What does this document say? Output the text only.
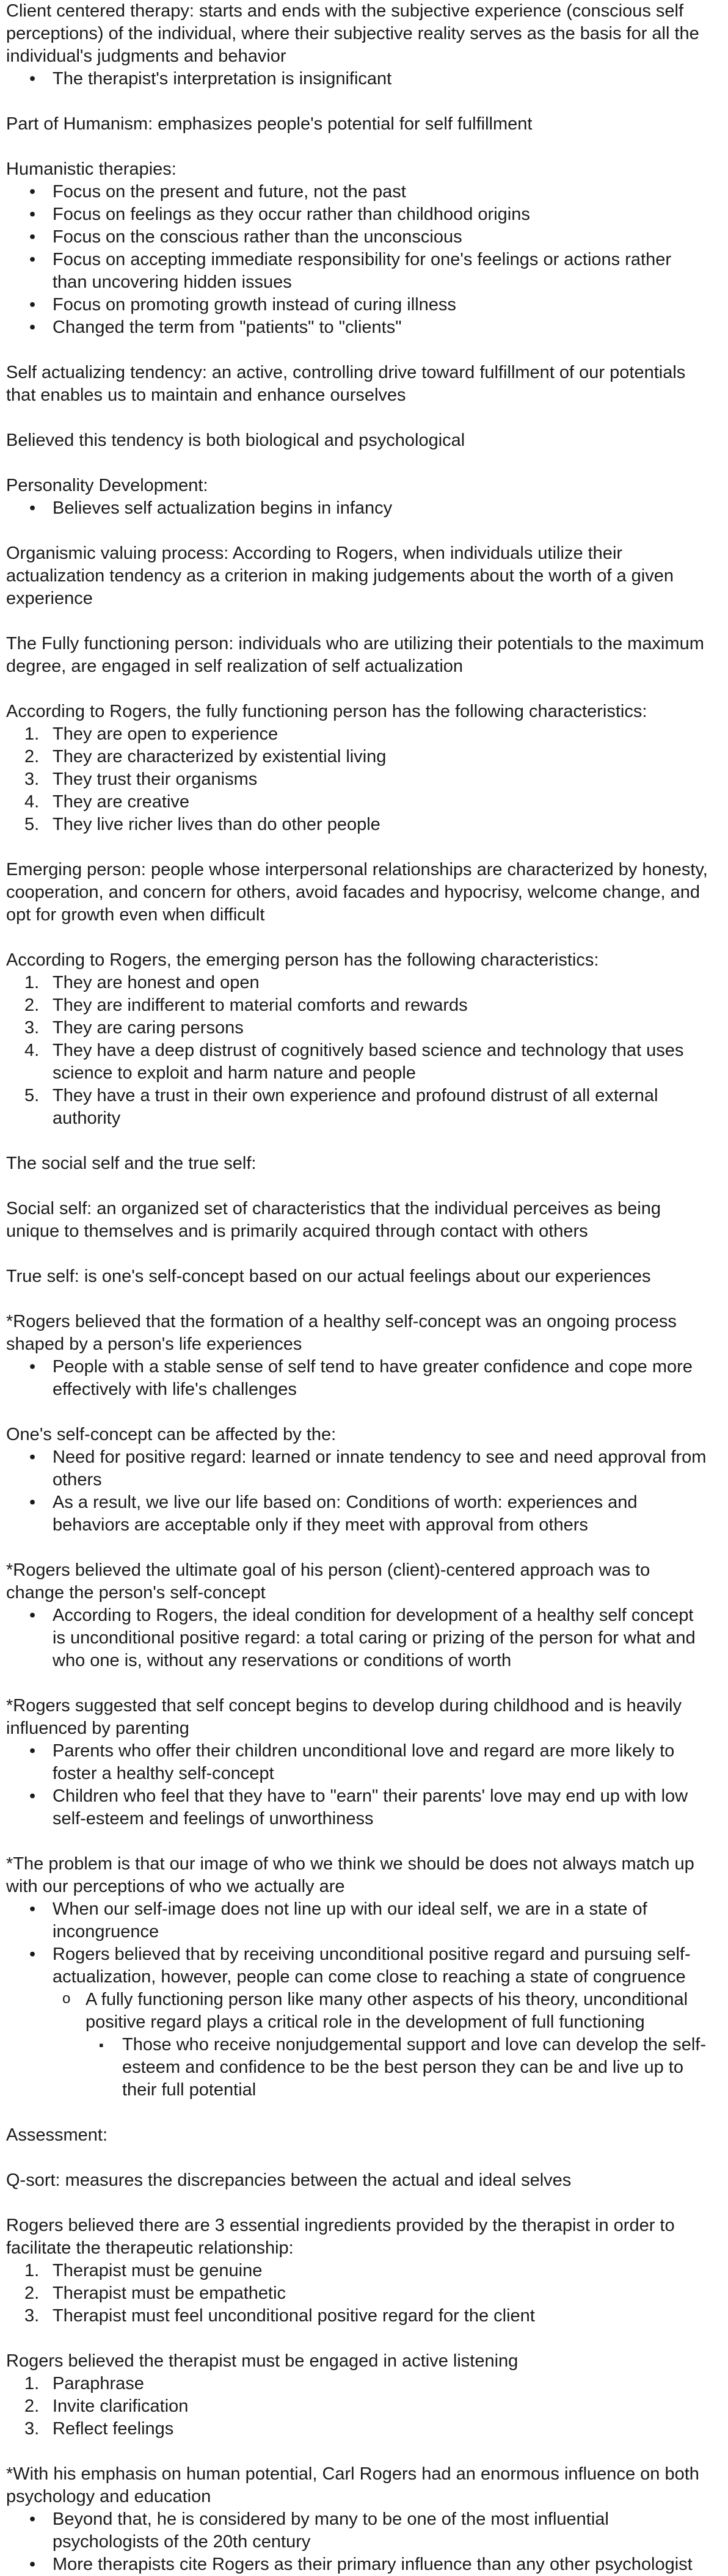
Client centered therapy: starts and ends with the subjective experience (conscious self perceptions) of the individual, where their subjective reality serves as the basis for all the individual's judgments and behavior
• The therapist's interpretation is insignificant
Part of Humanism: emphasizes people's potential for self fulfillment
Humanistic therapies:
• Focus on the present and future, not the past
• Focus on feelings as they occur rather than childhood origins
• Focus on the conscious rather than the unconscious
• Focus on accepting immediate responsibility for one's feelings or actions rather than uncovering hidden issues
• Focus on promoting growth instead of curing illness
• Changed the term from "patients" to "clients"
Self actualizing tendency: an active, controlling drive toward fulfillment of our potentials that enables us to maintain and enhance ourselves
Believed this tendency is both biological and psychological
Personality Development:
• Believes self actualization begins in infancy
Organismic valuing process: According to Rogers, when individuals utilize their actualization tendency as a criterion in making judgements about the worth of a given experience
The Fully functioning person: individuals who are utilizing their potentials to the maximum degree, are engaged in self realization of self actualization
According to Rogers, the fully functioning person has the following characteristics:
1. They are open to experience
2. They are characterized by existential living
3. They trust their organisms
4. They are creative
5. They live richer lives than do other people
Emerging person: people whose interpersonal relationships are characterized by honesty, cooperation, and concern for others, avoid facades and hypocrisy, welcome change, and opt for growth even when difficult
According to Rogers, the emerging person has the following characteristics:
1. They are honest and open
2. They are indifferent to material comforts and rewards
3. They are caring persons
4. They have a deep distrust of cognitively based science and technology that uses science to exploit and harm nature and people
5. They have a trust in their own experience and profound distrust of all external authority
The social self and the true self:
Social self: an organized set of characteristics that the individual perceives as being unique to themselves and is primarily acquired through contact with others
True self: is one's self-concept based on our actual feelings about our experiences
*Rogers believed that the formation of a healthy self-concept was an ongoing process shaped by a person's life experiences
• People with a stable sense of self tend to have greater confidence and cope more effectively with life's challenges
One's self-concept can be affected by the:
• Need for positive regard: learned or innate tendency to see and need approval from others
• As a result, we live our life based on: Conditions of worth: experiences and behaviors are acceptable only if they meet with approval from others
*Rogers believed the ultimate goal of his person (client)-centered approach was to change the person's self-concept
• According to Rogers, the ideal condition for development of a healthy self concept is unconditional positive regard: a total caring or prizing of the person for what and who one is, without any reservations or conditions of worth
*Rogers suggested that self concept begins to develop during childhood and is heavily influenced by parenting
• Parents who offer their children unconditional love and regard are more likely to foster a healthy self-concept
• Children who feel that they have to "earn" their parents' love may end up with low self-esteem and feelings of unworthiness
*The problem is that our image of who we think we should be does not always match up with our perceptions of who we actually are
• When our self-image does not line up with our ideal self, we are in a state of incongruence
• Rogers believed that by receiving unconditional positive regard and pursuing self-actualization, however, people can come close to reaching a state of congruence
o A fully functioning person like many other aspects of his theory, unconditional positive regard plays a critical role in the development of full functioning
▪ Those who receive nonjudgemental support and love can develop the self-esteem and confidence to be the best person they can be and live up to their full potential
Assessment:
Q-sort: measures the discrepancies between the actual and ideal selves
Rogers believed there are 3 essential ingredients provided by the therapist in order to facilitate the therapeutic relationship:
1. Therapist must be genuine
2. Therapist must be empathetic
3. Therapist must feel unconditional positive regard for the client
Rogers believed the therapist must be engaged in active listening
1. Paraphrase
2. Invite clarification
3. Reflect feelings
*With his emphasis on human potential, Carl Rogers had an enormous influence on both psychology and education
• Beyond that, he is considered by many to be one of the most influential psychologists of the 20th century
• More therapists cite Rogers as their primary influence than any other psychologist
